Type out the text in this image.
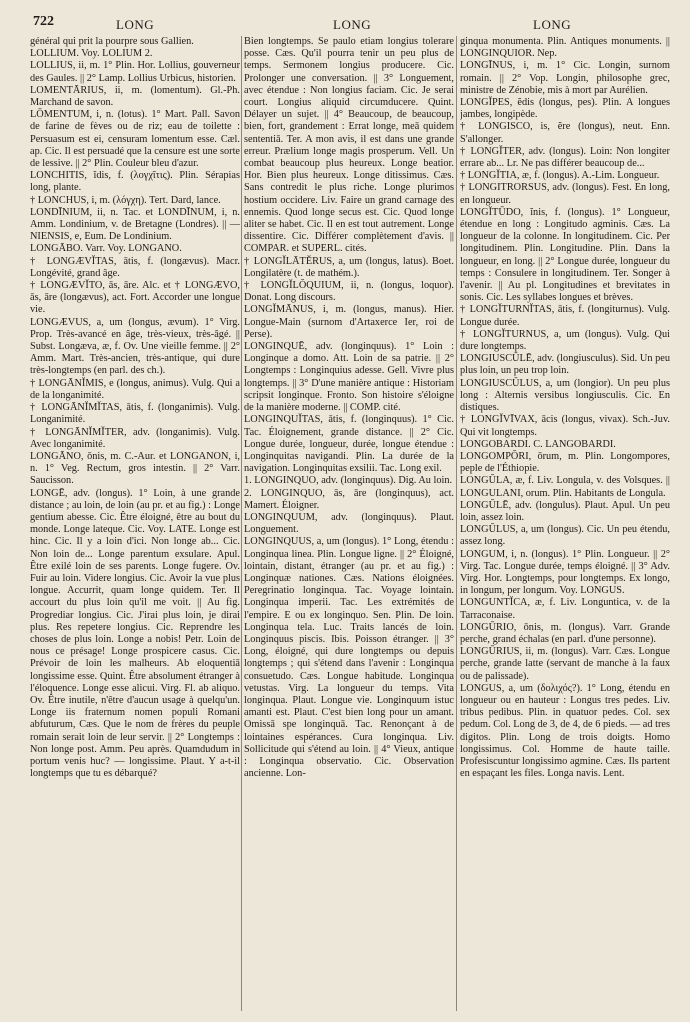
722	LONG	LONG	LONG

général qui prit la pourpre sous Gallien.

LOLLIUM. Voy. LOLIUM 2.

LOLLIUS, ii, m. 1° Plin. Hor. Lollius, gouverneur des Gaules. || 2° Lamp. Lollius Urbicus, historien.

LOMENTĀRIUS, ii, m. (lomentum). Gl.-Ph. Marchand de savon.

LŌMENTUM, i, n. (lotus). 1° Mart. Pall. Savon de farine de fèves ou de riz; eau de toilette : Persuasum est ei, censuram lomentum esse. Cæl. ap. Cic. Il est persuadé que la censure est une sorte de lessive. || 2° Plin. Couleur bleu d'azur.

LONCHITIS, ĭdis, f. (λογχῖτις). Plin. Sérapias long, plante.

† LONCHUS, i, m. (λόγχη). Tert. Dard, lance.

LONDĪNIUM, ii, n. Tac. et LONDĪNUM, i, n. Amm. Londinium, v. de Bretagne (Londres). || — NIENSIS, e, Eum. De Londinium.

LONGĀBO. Varr. Voy. LONGANO.

† LONGÆVĬTAS, ātis, f. (longævus). Macr. Longévité, grand âge.

† LONGÆVĬTO, ās, āre. Alc. et † LONGÆVO, ās, āre (longævus), act. Fort. Accorder une longue vie.

LONGÆVUS, a, um (longus, ævum). 1° Virg. Prop. Très-avancé en âge, très-vieux, très-âgé. || Subst. Longæva, æ, f. Ov. Une vieille femme. || 2° Amm. Mart. Très-ancien, très-antique, qui dure très-longtemps (en parl. des ch.).

† LONGĀNĬMIS, e (longus, animus). Vulg. Qui a de la longanimité.

† LONGĀNĬMĬTAS, ātis, f. (longanimis). Vulg. Longanimité.

† LONGĀNĬMĬTER, adv. (longanimis). Vulg. Avec longanimité.

LONGĀNO, ōnis, m. C.-Aur. et LONGANON, i, n. 1° Veg. Rectum, gros intestin. || 2° Varr. Saucisson.

LONGĒ, adv. (longus). 1° Loin, à une grande distance ; au loin, de loin (au pr. et au fig.) : Longe gentium abesse. Cic. Être éloigné, être au bout du monde. Longe lateque. Cic. Voy. LATE. Longe est hinc. Cic. Il y a loin d'ici. Non longe ab... Cic. Non loin de... Longe parentum exsulare. Apul. Être exilé loin de ses parents. Longe fugere. Ov. Fuir au loin. Videre longius. Cic. Avoir la vue plus longue. Accurrit, quam longe quidem. Ter. Il accourt du plus loin qu'il me voit. || Au fig. Progrediar longius. Cic. J'irai plus loin, je dirai plus. Res repetere longius. Cic. Reprendre les choses de plus loin. Longe a nobis! Petr. Loin de nous ce présage! Longe prospicere casus. Cic. Prévoir de loin les malheurs. Ab eloquentiā longissime esse. Quint. Être absolument étranger à l'éloquence. Longe esse alicui. Virg. Fl. ab aliquo. Ov. Être inutile, n'être d'aucun usage à quelqu'un. Longe iis fraternum nomen populi Romani abfuturum, Cæs. Que le nom de frères du peuple romain serait loin de leur servir. || 2° Longtemps : Non longe post. Amm. Peu après. Quamdudum in portum venis huc? — longissime. Plaut. Y a-t-il longtemps que tu es débarqué?

Bien longtemps. Se paulo etiam longius tolerare posse. Cæs. Qu'il pourra tenir un peu plus de temps. Sermonem longius producere. Cic. Prolonger une conversation. || 3° Longuement, avec étendue : Non longius faciam. Cic. Je serai court. Longius aliquid circumducere. Quint. Délayer un sujet. || 4° Beaucoup, de beaucoup, bien, fort, grandement : Errat longe, meā quidem sententiā. Ter. A mon avis, il est dans une grande erreur. Prælium longe magis prosperum. Vell. Un combat beaucoup plus heureux. Longe beatior. Hor. Bien plus heureux. Longe ditissimus. Cæs. Sans contredit le plus riche. Longe plurimos hostium occidere. Liv. Faire un grand carnage des ennemis. Quod longe secus est. Cic. Quod longe aliter se habet. Cic. Il en est tout autrement. Longe dissentire. Cic. Différer complètement d'avis. || COMPAR. et SUPERL. cités.

† LONGĬLĀTĔRUS, a, um (longus, latus). Boet. Longilatère (t. de mathém.).

† LONGĬLŎQUIUM, ii, n. (longus, loquor). Donat. Long discours.

LONGĬMĀNUS, i, m. (longus, manus). Hier. Longue-Main (surnom d'Artaxerce Ier, roi de Perse).

LONGINQUĒ, adv. (longinquus). 1° Loin : Longinque a domo. Att. Loin de sa patrie. || 2° Longtemps : Longinquius adesse. Gell. Vivre plus longtemps. || 3° D'une manière antique : Historiam scripsit longinque. Fronto. Son histoire s'éloigne de la manière moderne. || COMP. cité.

LONGINQUĬTAS, ātis, f. (longinquus). 1° Cic. Tac. Éloignement, grande distance. || 2° Cic. Longue durée, longueur, durée, longue étendue : Longinquitas navigandi. Plin. La durée de la navigation. Longinquitas exsilii. Tac. Long exil.

1. LONGINQUO, adv. (longinquus). Dig. Au loin.

2. LONGINQUO, ās, āre (longinquus), act. Mamert. Éloigner.

LONGINQUUM, adv. (longinquus). Plaut. Longuement.

LONGINQUUS, a, um (longus). 1° Long, étendu : Longinqua linea. Plin. Longue ligne. || 2° Éloigné, lointain, distant, étranger (au pr. et au fig.) : Longinquæ nationes. Cæs. Nations éloignées. Peregrinatio longinqua. Tac. Voyage lointain. Longinqua imperii. Tac. Les extrémités de l'empire. E ou ex longinquo. Sen. Plin. De loin. Longinqua tela. Luc. Traits lancés de loin. Longinquus piscis. Ibis. Poisson étranger. || 3° Long, éloigné, qui dure longtemps ou depuis longtemps ; qui s'étend dans l'avenir : Longinqua consuetudo. Cæs. Longue habitude. Longinqua vetustas. Virg. La longueur du temps. Vita longinqua. Plaut. Longue vie. Longinquum istuc amanti est. Plaut. C'est bien long pour un amant. Omissā spe longinquā. Tac. Renonçant à de lointaines espérances. Cura longinqua. Liv. Sollicitude qui s'étend au loin. || 4° Vieux, antique : Longinqua observatio. Cic. Observation ancienne. Lon-

ginqua monumenta. Plin. Antiques monuments. || LONGINQUIOR. Nep.

LONGĪNUS, i, m. 1° Cic. Longin, surnom romain. || 2° Vop. Longin, philosophe grec, ministre de Zénobie, mis à mort par Aurélien.

LONGĬPES, ĕdis (longus, pes). Plin. A longues jambes, longipède.

† LONGISCO, is, ĕre (longus), neut. Enn. S'allonger.

† LONGĬTER, adv. (longus). Loin: Non longiter errare ab... Lr. Ne pas différer beaucoup de...

† LONGĬTIA, æ, f. (longus). A.-Lim. Longueur.

† LONGITRORSUS, adv. (longus). Fest. En long, en longueur.

LONGĬTŪDO, ĭnis, f. (longus). 1° Longueur, étendue en long : Longitudo agminis. Cæs. La longueur de la colonne. In longitudinem. Cic. Per longitudinem. Plin. Longitudine. Plin. Dans la longueur, en long. || 2° Longue durée, longueur du temps : Consulere in longitudinem. Ter. Songer à l'avenir. || Au pl. Longitudines et brevitates in sonis. Cic. Les syllabes longues et brèves.

† LONGĬTURNĬTAS, ātis, f. (longiturnus). Vulg. Longue durée.

† LONGĬTURNUS, a, um (longus). Vulg. Qui dure longtemps.

LONGIUSCŬLĒ, adv. (longiusculus). Sid. Un peu plus loin, un peu trop loin.

LONGIUSCŬLUS, a, um (longior). Un peu plus long : Alternis versibus longiusculis. Cic. En distiques.

† LONGĬVĪVAX, ācis (longus, vivax). Sch.-Juv. Qui vit longtemps.

LONGOBARDI. C. LANGOBARDI.

LONGOMPŎRI, ōrum, m. Plin. Longompores, peple de l'Éthiopie.

LONGŬLA, æ, f. Liv. Longula, v. des Volsques. || LONGULANI, orum. Plin. Habitants de Longula.

LONGŬLĒ, adv. (longulus). Plaut. Apul. Un peu loin, assez loin.

LONGŬLUS, a, um (longus). Cic. Un peu étendu, assez long.

LONGUM, i, n. (longus). 1° Plin. Longueur. || 2° Virg. Tac. Longue durée, temps éloigné. || 3° Adv. Virg. Hor. Longtemps, pour longtemps. Ex longo, in longum, per longum. Voy. LONGUS.

LONGUNTĬCA, æ, f. Liv. Longuntica, v. de la Tarraconaise.

LONGŪRIO, ōnis, m. (longus). Varr. Grande perche, grand échalas (en parl. d'une personne).

LONGŪRIUS, ii, m. (longus). Varr. Cæs. Longue perche, grande latte (servant de manche à la faux ou de palissade).

LONGUS, a, um (δολιχός?). 1° Long, étendu en longueur ou en hauteur : Longus tres pedes. Liv. tribus pedibus. Plin. in quatuor pedes. Col. sex pedum. Col. Long de 3, de 4, de 6 pieds. — ad tres digitos. Plin. Long de trois doigts. Homo longissimus. Col. Homme de haute taille. Profesiscuntur longissimo agmine. Cæs. Ils partent en espaçant les files. Longa navis. Lent.
